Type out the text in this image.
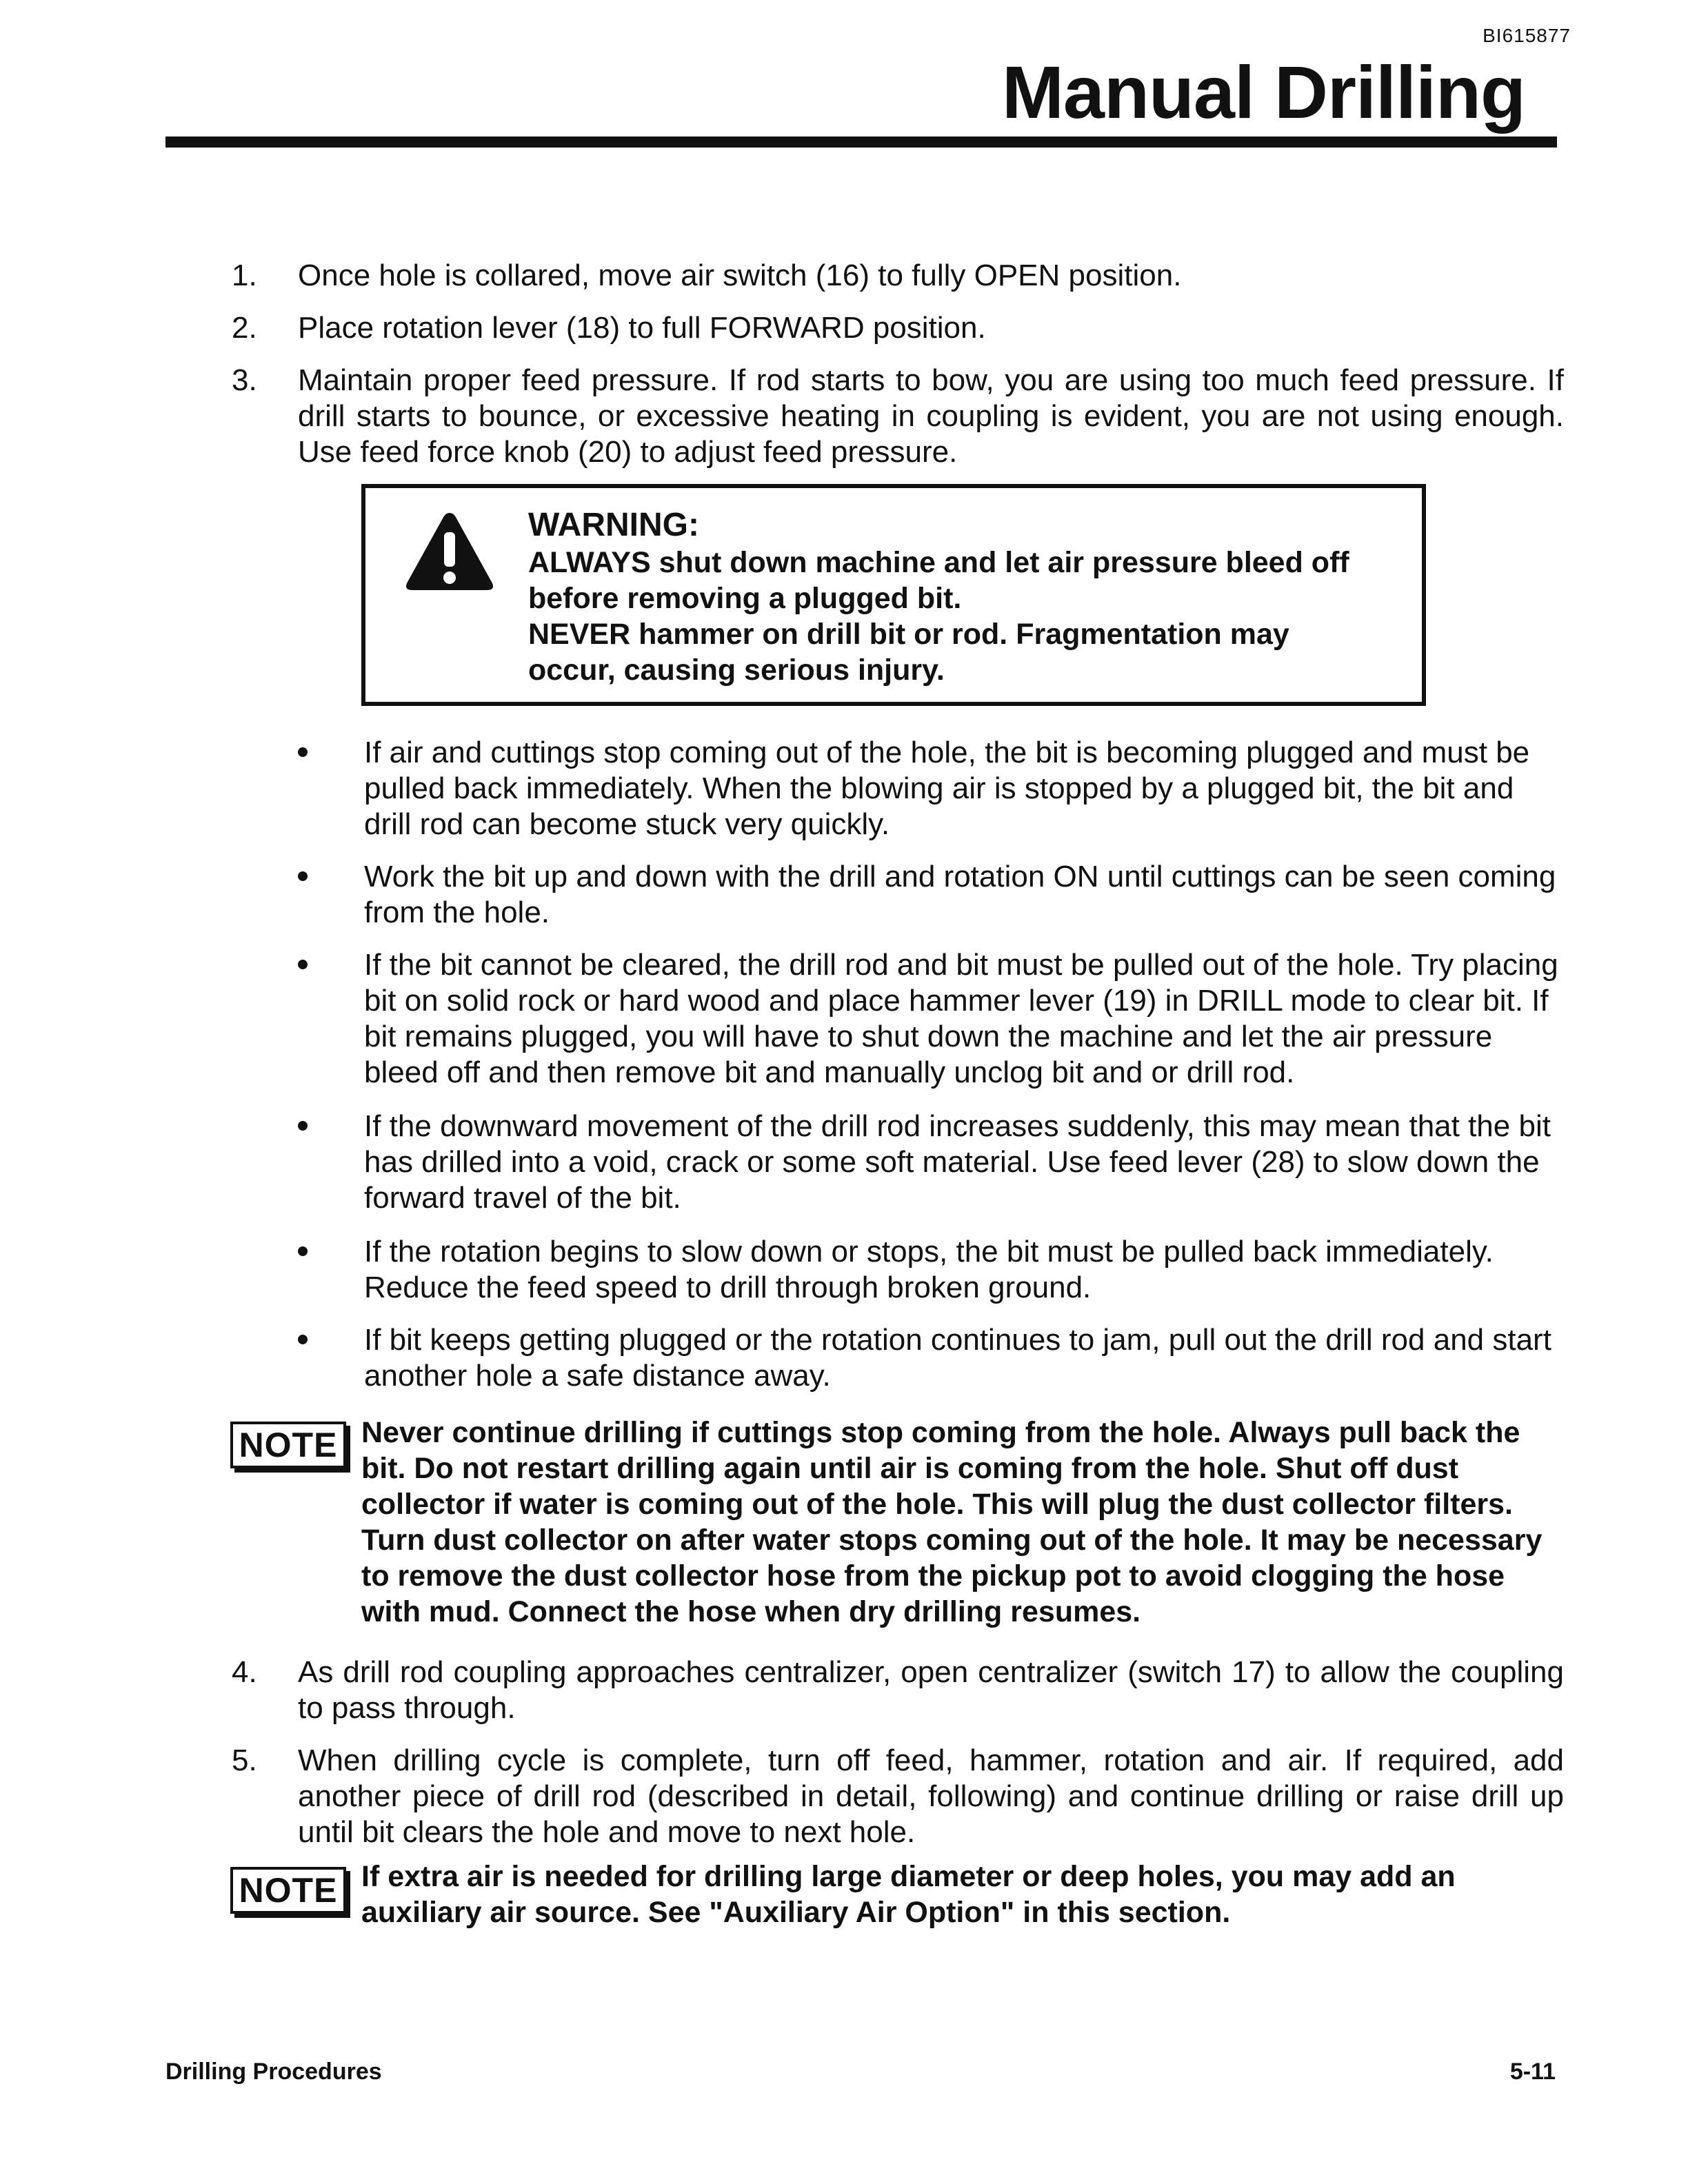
BI615877
Manual Drilling
1. Once hole is collared, move air switch (16) to fully OPEN position.
2. Place rotation lever (18) to full FORWARD position.
3. Maintain proper feed pressure. If rod starts to bow, you are using too much feed pressure. If drill starts to bounce, or excessive heating in coupling is evident, you are not using enough. Use feed force knob (20) to adjust feed pressure.
WARNING:
ALWAYS shut down machine and let air pressure bleed off
before removing a plugged bit.
NEVER hammer on drill bit or rod. Fragmentation may
occur, causing serious injury.
If air and cuttings stop coming out of the hole, the bit is becoming plugged and must be pulled back immediately. When the blowing air is stopped by a plugged bit, the bit and drill rod can become stuck very quickly.
Work the bit up and down with the drill and rotation ON until cuttings can be seen coming from the hole.
If the bit cannot be cleared, the drill rod and bit must be pulled out of the hole. Try placing bit on solid rock or hard wood and place hammer lever (19) in DRILL mode to clear bit. If bit remains plugged, you will have to shut down the machine and let the air pressure bleed off and then remove bit and manually unclog bit and or drill rod.
If the downward movement of the drill rod increases suddenly, this may mean that the bit has drilled into a void, crack or some soft material. Use feed lever (28) to slow down the forward travel of the bit.
If the rotation begins to slow down or stops, the bit must be pulled back immediately. Reduce the feed speed to drill through broken ground.
If bit keeps getting plugged or the rotation continues to jam, pull out the drill rod and start another hole a safe distance away.
NOTE Never continue drilling if cuttings stop coming from the hole. Always pull back the bit. Do not restart drilling again until air is coming from the hole. Shut off dust collector if water is coming out of the hole. This will plug the dust collector filters. Turn dust collector on after water stops coming out of the hole. It may be necessary to remove the dust collector hose from the pickup pot to avoid clogging the hose with mud. Connect the hose when dry drilling resumes.
4. As drill rod coupling approaches centralizer, open centralizer (switch 17) to allow the coupling to pass through.
5. When drilling cycle is complete, turn off feed, hammer, rotation and air. If required, add another piece of drill rod (described in detail, following) and continue drilling or raise drill up until bit clears the hole and move to next hole.
NOTE If extra air is needed for drilling large diameter or deep holes, you may add an auxiliary air source. See "Auxiliary Air Option" in this section.
Drilling Procedures	5-11
